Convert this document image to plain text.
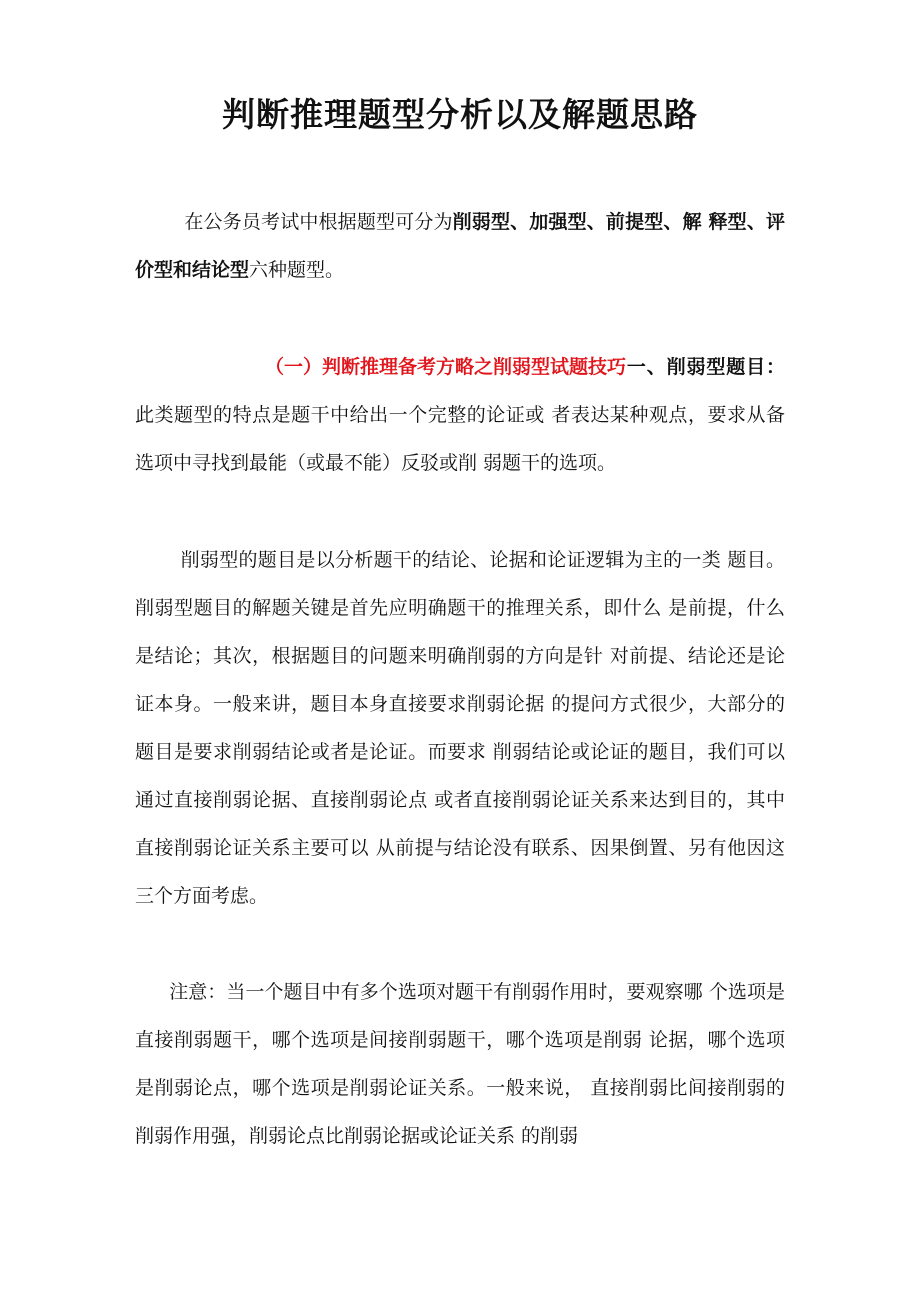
判断推理题型分析以及解题思路

在公务员考试中根据题型可分为削弱型、加强型、前提型、解 释型、评价型和结论型六种题型。

（一）判断推理备考方略之削弱型试题技巧一、削弱型题目：此类题型的特点是题干中给出一个完整的论证或 者表达某种观点，要求从备选项中寻找到最能（或最不能）反驳或削 弱题干的选项。

削弱型的题目是以分析题干的结论、论据和论证逻辑为主的一类 题目。削弱型题目的解题关键是首先应明确题干的推理关系，即什么 是前提，什么是结论；其次，根据题目的问题来明确削弱的方向是针 对前提、结论还是论证本身。一般来讲，题目本身直接要求削弱论据 的提问方式很少，大部分的题目是要求削弱结论或者是论证。而要求 削弱结论或论证的题目，我们可以通过直接削弱论据、直接削弱论点 或者直接削弱论证关系来达到目的，其中直接削弱论证关系主要可以 从前提与结论没有联系、因果倒置、另有他因这三个方面考虑。

注意：当一个题目中有多个选项对题干有削弱作用时，要观察哪 个选项是直接削弱题干，哪个选项是间接削弱题干，哪个选项是削弱 论据，哪个选项是削弱论点，哪个选项是削弱论证关系。一般来说， 直接削弱比间接削弱的削弱作用强，削弱论点比削弱论据或论证关系 的削弱
